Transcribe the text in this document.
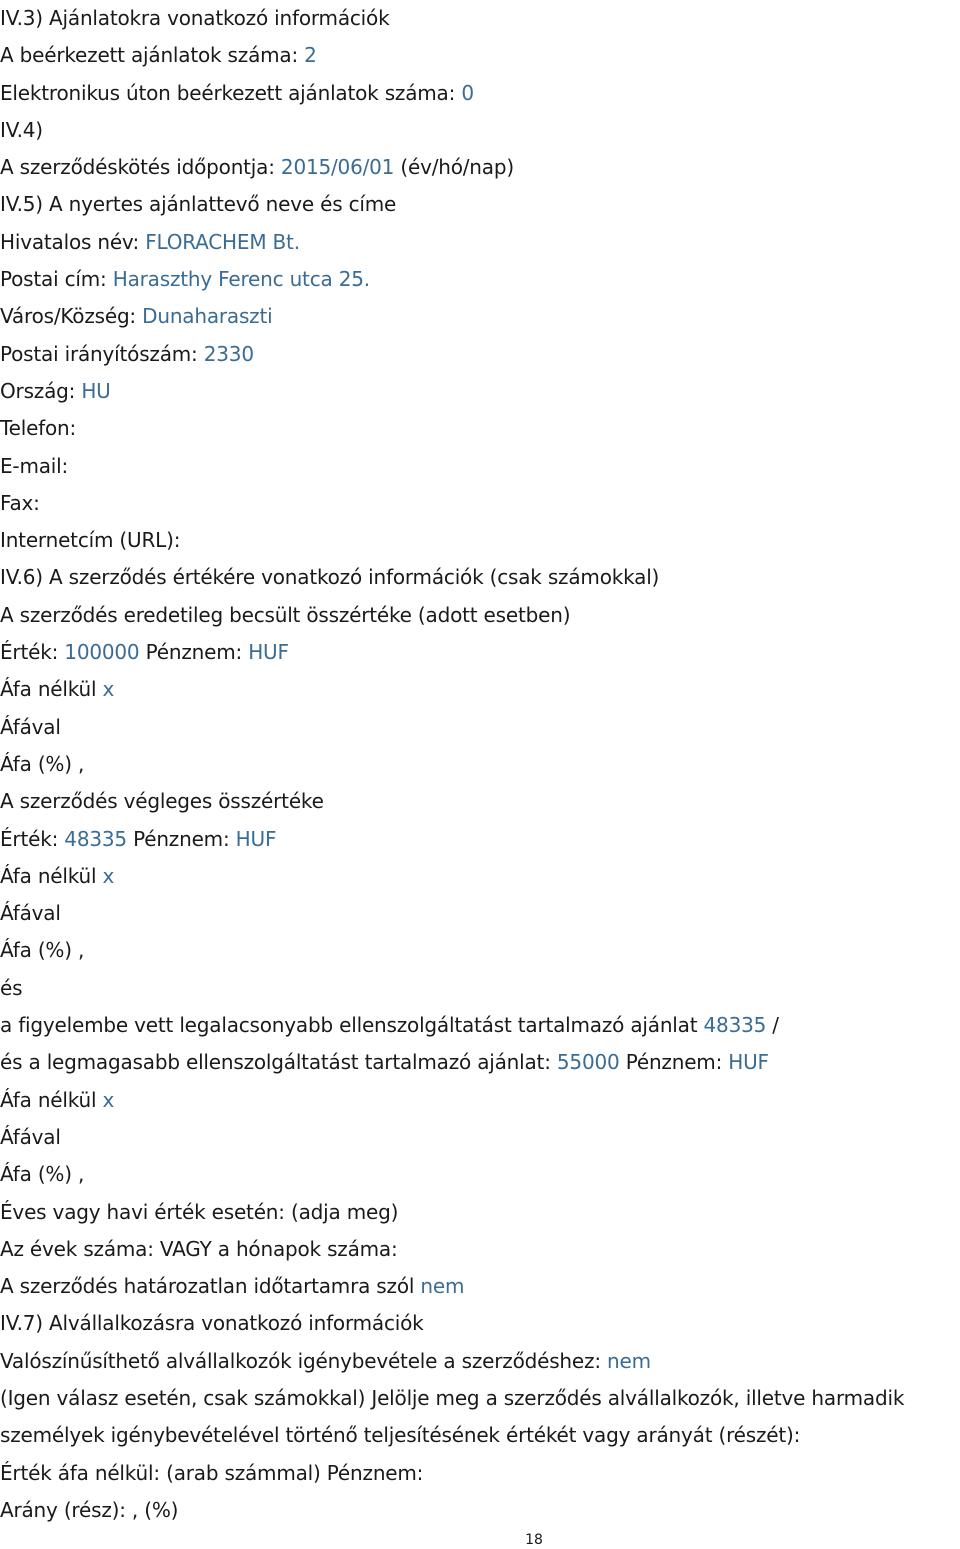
IV.3) Ajánlatokra vonatkozó információk
A beérkezett ajánlatok száma: 2
Elektronikus úton beérkezett ajánlatok száma: 0
IV.4)
A szerződéskötés időpontja: 2015/06/01 (év/hó/nap)
IV.5) A nyertes ajánlattevő neve és címe
Hivatalos név: FLORACHEM Bt.
Postai cím: Haraszthy Ferenc utca 25.
Város/Község: Dunaharaszti
Postai irányítószám: 2330
Ország: HU
Telefon:
E-mail:
Fax:
Internetcím (URL):
IV.6) A szerződés értékére vonatkozó információk (csak számokkal)
A szerződés eredetileg becsült összértéke (adott esetben)
Érték: 100000 Pénznem: HUF
Áfa nélkül x
Áfával
Áfa (%) ,
A szerződés végleges összértéke
Érték: 48335 Pénznem: HUF
Áfa nélkül x
Áfával
Áfa (%) ,
és
a figyelembe vett legalacsonyabb ellenszolgáltatást tartalmazó ajánlat 48335 /
és a legmagasabb ellenszolgáltatást tartalmazó ajánlat: 55000 Pénznem: HUF
Áfa nélkül x
Áfával
Áfa (%) ,
Éves vagy havi érték esetén: (adja meg)
Az évek száma: VAGY a hónapok száma:
A szerződés határozatlan időtartamra szól nem
IV.7) Alvállalkozásra vonatkozó információk
Valószínűsíthető alvállalkozók igénybevétele a szerződéshez: nem
(Igen válasz esetén, csak számokkal) Jelölje meg a szerződés alvállalkozók, illetve harmadik személyek igénybevételével történő teljesítésének értékét vagy arányát (részét):
Érték áfa nélkül: (arab számmal) Pénznem:
Arány (rész): , (%)
18
